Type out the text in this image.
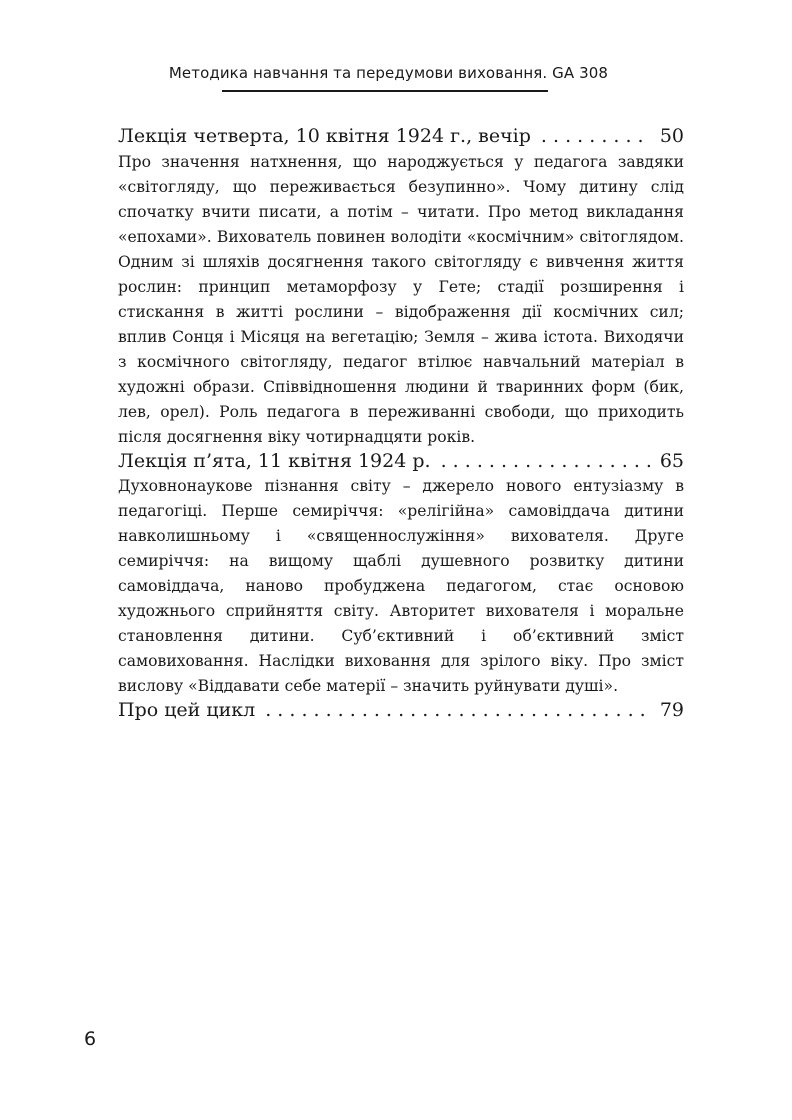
Методика навчання та передумови виховання. GA 308
Лекція четверта, 10 квітня 1924 г., вечір . . .	50

Про значення натхнення, що народжується у педагога завдяки «світогляду, що переживається безупинно». Чому дитину слід спочатку вчити писати, а потім – читати. Про метод викладання «епохами». Вихователь повинен володіти «космічним» світоглядом. Одним зі шляхів досягнення такого світогляду є вивчення життя рослин: принцип метаморфозу у Гете; стадії розширення і стискання в житті рослини – відображення дії космічних сил; вплив Сонця і Місяця на вегетацію; Земля – жива істота. Виходячи з космічного світогляду, педагог втілює навчальний матеріал в художні образи. Співвідношення людини й тваринних форм (бик, лев, орел). Роль педагога в переживанні свободи, що приходить після досягнення віку чотирнадцяти років.

Лекція п’ята, 11 квітня 1924 р. . . .	65

Духовнонаукове пізнання світу – джерело нового ентузіазму в педагогіці. Перше семиріччя: «релігійна» самовіддача дитини навколишньому і «священнослужіння» вихователя. Друге семиріччя: на вищому щаблі душевного розвитку дитини самовіддача, наново пробуджена педагогом, стає основою художнього сприйняття світу. Авторитет вихователя і моральне становлення дитини. Суб’єктивний і об’єктивний зміст самовиховання. Наслідки виховання для зрілого віку. Про зміст вислову «Віддавати себе матерії – значить руйнувати душі».

Про цей цикл . . .	79
6
